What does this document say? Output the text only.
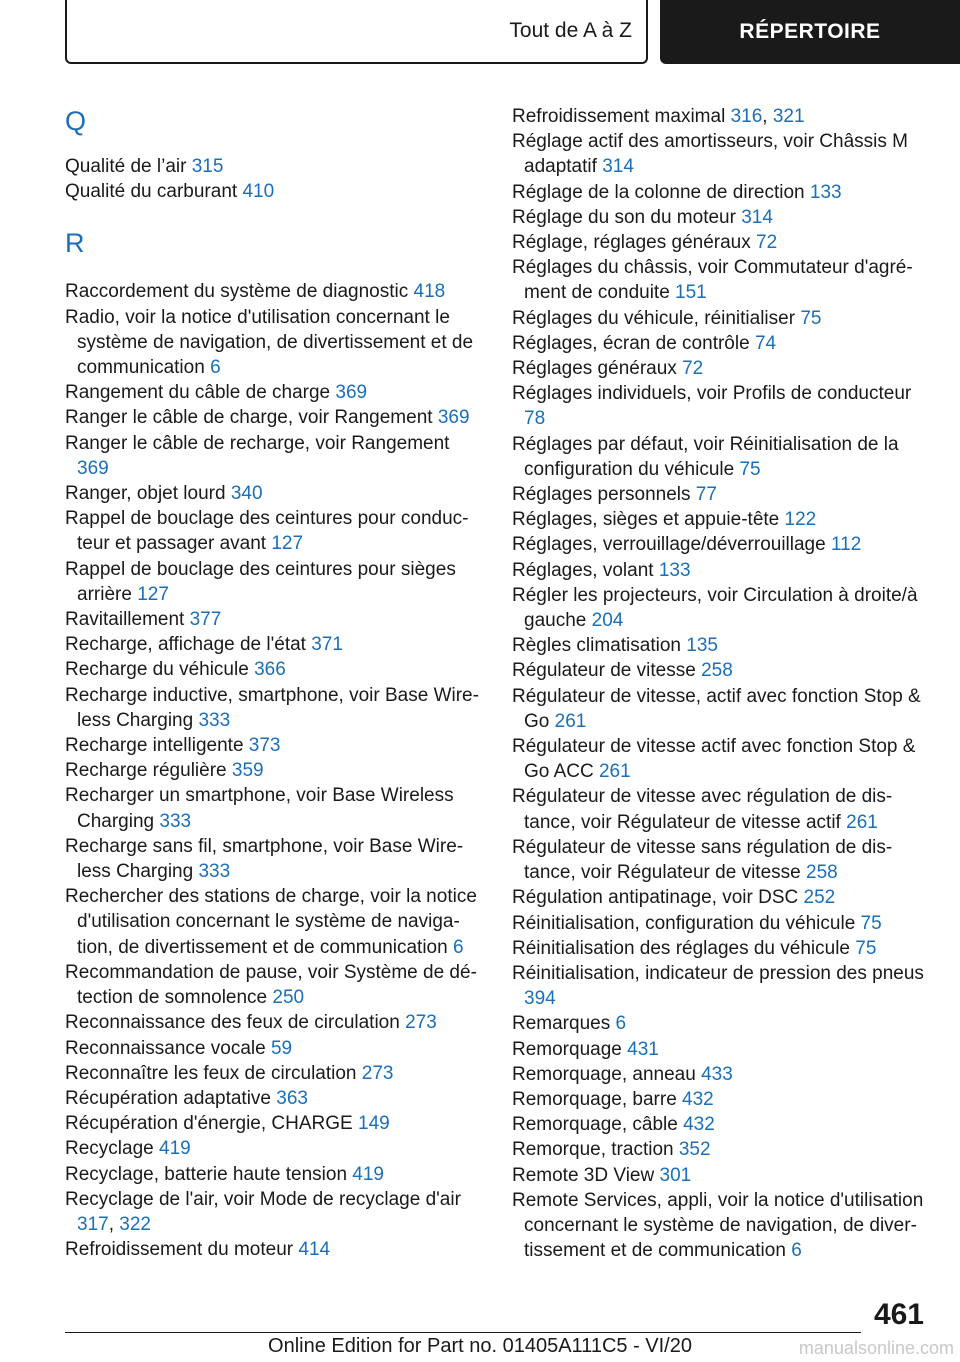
Tout de A à Z	RÉPERTOIRE
Q

Qualité de l’air 315

Qualité du carburant 410

R

Raccordement du système de diagnostic 418

Radio, voir la notice d'utilisation concernant le système de navigation, de divertissement et de communication 6

Rangement du câble de charge 369

Ranger le câble de charge, voir Rangement 369

Ranger le câble de recharge, voir Rangement 369

Ranger, objet lourd 340

Rappel de bouclage des ceintures pour conducteur et passager avant 127

Rappel de bouclage des ceintures pour sièges arrière 127

Ravitaillement 377

Recharge, affichage de l'état 371

Recharge du véhicule 366

Recharge inductive, smartphone, voir Base Wireless Charging 333

Recharge intelligente 373

Recharge régulière 359

Recharger un smartphone, voir Base Wireless Charging 333

Recharge sans fil, smartphone, voir Base Wireless Charging 333

Rechercher des stations de charge, voir la notice d'utilisation concernant le système de navigation, de divertissement et de communication 6

Recommandation de pause, voir Système de détection de somnolence 250

Reconnaissance des feux de circulation 273

Reconnaissance vocale 59

Reconnaître les feux de circulation 273

Récupération adaptative 363

Récupération d'énergie, CHARGE 149

Recyclage 419

Recyclage, batterie haute tension 419

Recyclage de l'air, voir Mode de recyclage d'air 317, 322

Refroidissement du moteur 414

Refroidissement maximal 316, 321

Réglage actif des amortisseurs, voir Châssis M adaptatif 314

Réglage de la colonne de direction 133

Réglage du son du moteur 314

Réglage, réglages généraux 72

Réglages du châssis, voir Commutateur d'agrément de conduite 151

Réglages du véhicule, réinitialiser 75

Réglages, écran de contrôle 74

Réglages généraux 72

Réglages individuels, voir Profils de conducteur 78

Réglages par défaut, voir Réinitialisation de la configuration du véhicule 75

Réglages personnels 77

Réglages, sièges et appuie-tête 122

Réglages, verrouillage/déverrouillage 112

Réglages, volant 133

Régler les projecteurs, voir Circulation à droite/à gauche 204

Règles climatisation 135

Régulateur de vitesse 258

Régulateur de vitesse, actif avec fonction Stop & Go 261

Régulateur de vitesse actif avec fonction Stop & Go ACC 261

Régulateur de vitesse avec régulation de distance, voir Régulateur de vitesse actif 261

Régulateur de vitesse sans régulation de distance, voir Régulateur de vitesse 258

Régulation antipatinage, voir DSC 252

Réinitialisation, configuration du véhicule 75

Réinitialisation des réglages du véhicule 75

Réinitialisation, indicateur de pression des pneus 394

Remarques 6

Remorquage 431

Remorquage, anneau 433

Remorquage, barre 432

Remorquage, câble 432

Remorque, traction 352

Remote 3D View 301

Remote Services, appli, voir la notice d'utilisation concernant le système de navigation, de divertissement et de communication 6

461
Online Edition for Part no. 01405A111C5 - VI/20	manualsonline.com
